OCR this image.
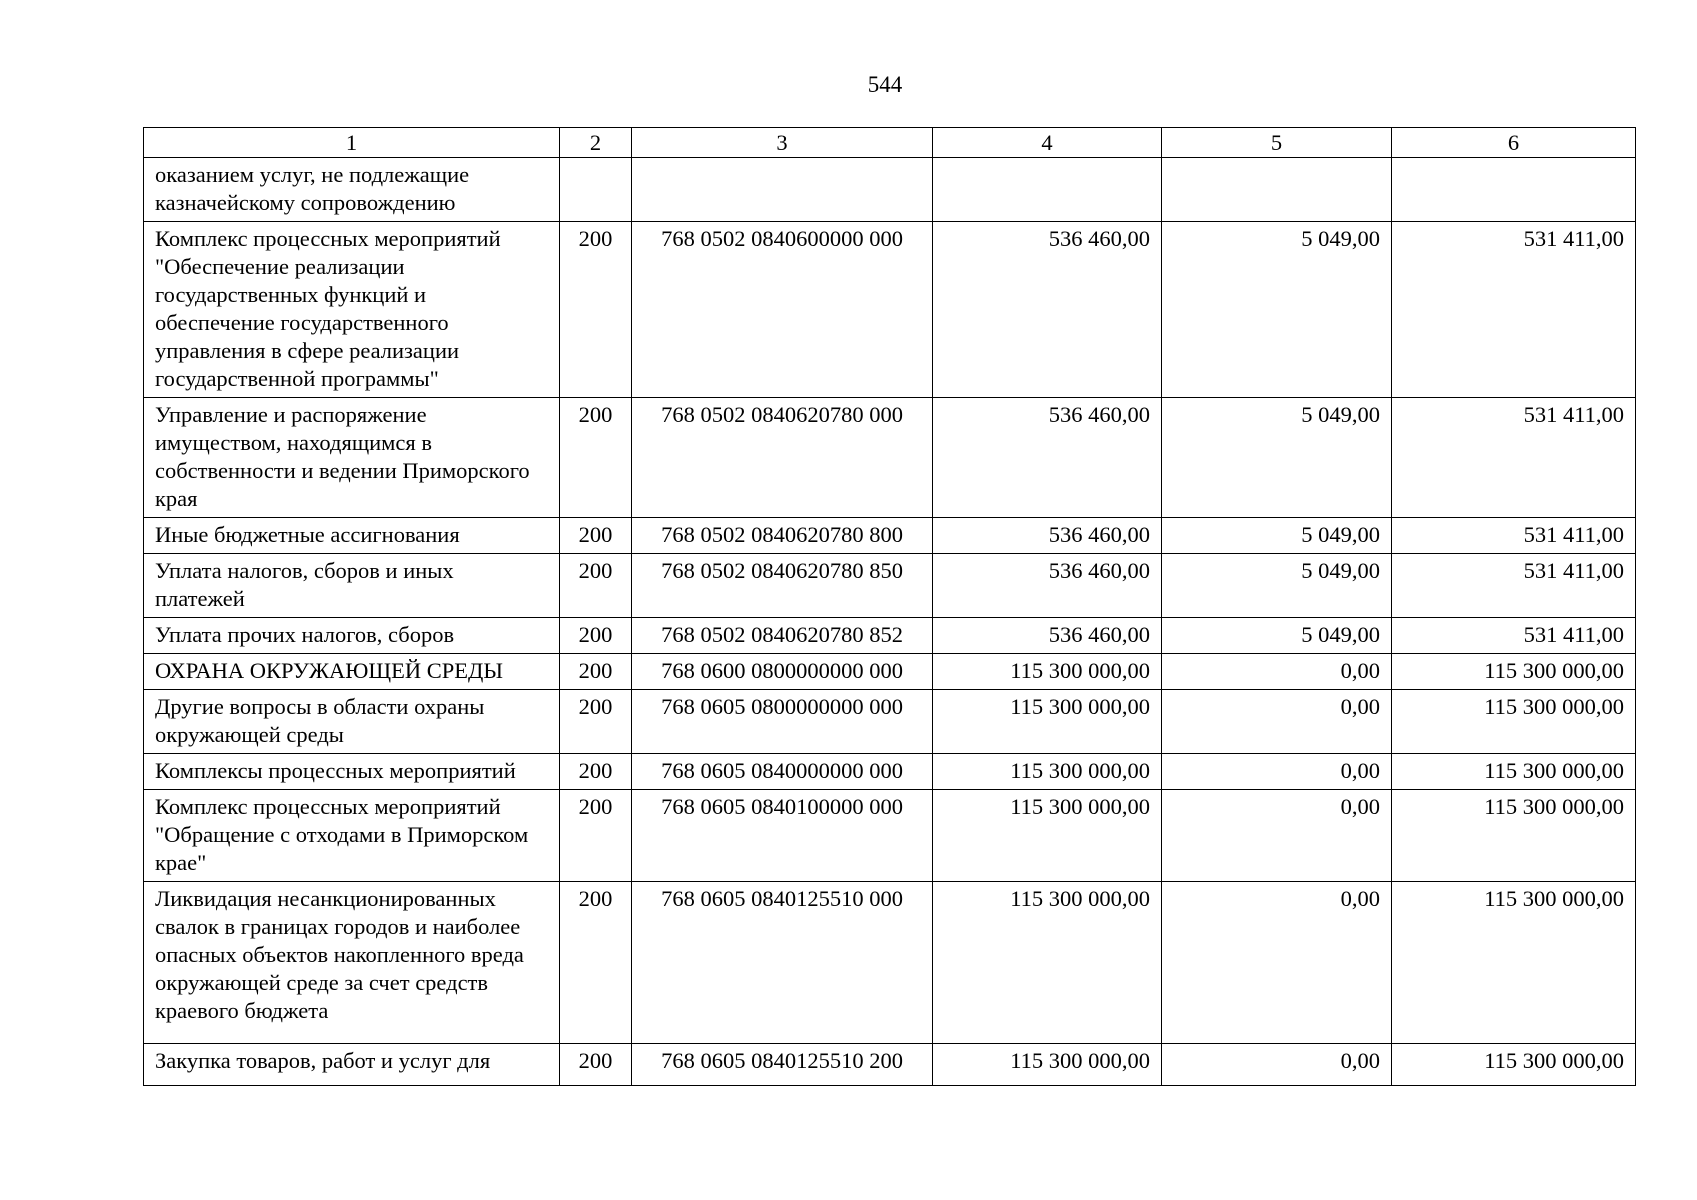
544
1	2	3	4	5	6
оказанием услуг, не подлежащие казначейскому сопровождению					
Комплекс процессных мероприятий "Обеспечение реализации государственных функций и обеспечение государственного управления в сфере реализации государственной программы"	200	768 0502 0840600000 000	536 460,00	5 049,00	531 411,00
Управление и распоряжение имуществом, находящимся в собственности и ведении Приморского края	200	768 0502 0840620780 000	536 460,00	5 049,00	531 411,00
Иные бюджетные ассигнования	200	768 0502 0840620780 800	536 460,00	5 049,00	531 411,00
Уплата налогов, сборов и иных платежей	200	768 0502 0840620780 850	536 460,00	5 049,00	531 411,00
Уплата прочих налогов, сборов	200	768 0502 0840620780 852	536 460,00	5 049,00	531 411,00
ОХРАНА ОКРУЖАЮЩЕЙ СРЕДЫ	200	768 0600 0800000000 000	115 300 000,00	0,00	115 300 000,00
Другие вопросы в области охраны окружающей среды	200	768 0605 0800000000 000	115 300 000,00	0,00	115 300 000,00
Комплексы процессных мероприятий	200	768 0605 0840000000 000	115 300 000,00	0,00	115 300 000,00
Комплекс процессных мероприятий "Обращение с отходами в Приморском крае"	200	768 0605 0840100000 000	115 300 000,00	0,00	115 300 000,00
Ликвидация несанкционированных свалок в границах городов и наиболее опасных объектов накопленного вреда окружающей среде за счет средств краевого бюджета	200	768 0605 0840125510 000	115 300 000,00	0,00	115 300 000,00
Закупка товаров, работ и услуг для	200	768 0605 0840125510 200	115 300 000,00	0,00	115 300 000,00
